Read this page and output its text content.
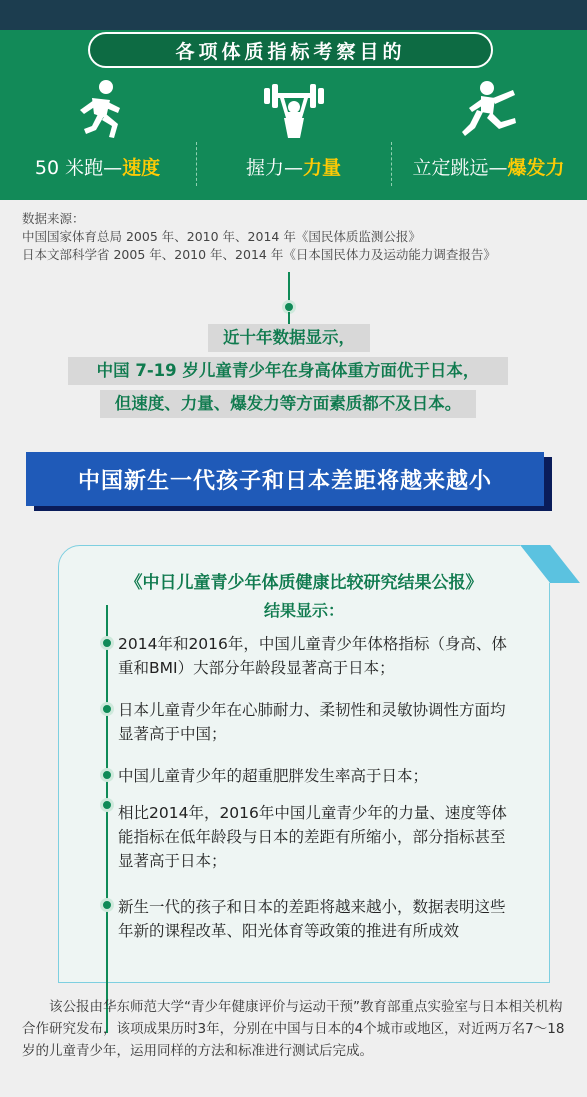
各项体质指标考察目的
50 米跑—速度	握力—力量	立定跳远—爆发力
数据来源：
中国国家体育总局 2005 年、2010 年、2014 年《国民体质监测公报》
日本文部科学省 2005 年、2010 年、2014 年《日本国民体力及运动能力调查报告》
近十年数据显示，
中国 7-19 岁儿童青少年在身高体重方面优于日本，
但速度、力量、爆发力等方面素质都不及日本。
中国新生一代孩子和日本差距将越来越小
《中日儿童青少年体质健康比较研究结果公报》
结果显示：
2014年和2016年，中国儿童青少年体格指标（身高、体重和BMI）大部分年龄段显著高于日本；
日本儿童青少年在心肺耐力、柔韧性和灵敏协调性方面均显著高于中国；
中国儿童青少年的超重肥胖发生率高于日本；
相比2014年，2016年中国儿童青少年的力量、速度等体能指标在低年龄段与日本的差距有所缩小，部分指标甚至显著高于日本；
新生一代的孩子和日本的差距将越来越小，数据表明这些年新的课程改革、阳光体育等政策的推进有所成效
该公报由华东师范大学“青少年健康评价与运动干预”教育部重点实验室与日本相关机构合作研究发布，该项成果历时3年，分别在中国与日本的4个城市或地区，对近两万名7～18岁的儿童青少年，运用同样的方法和标准进行测试后完成。
